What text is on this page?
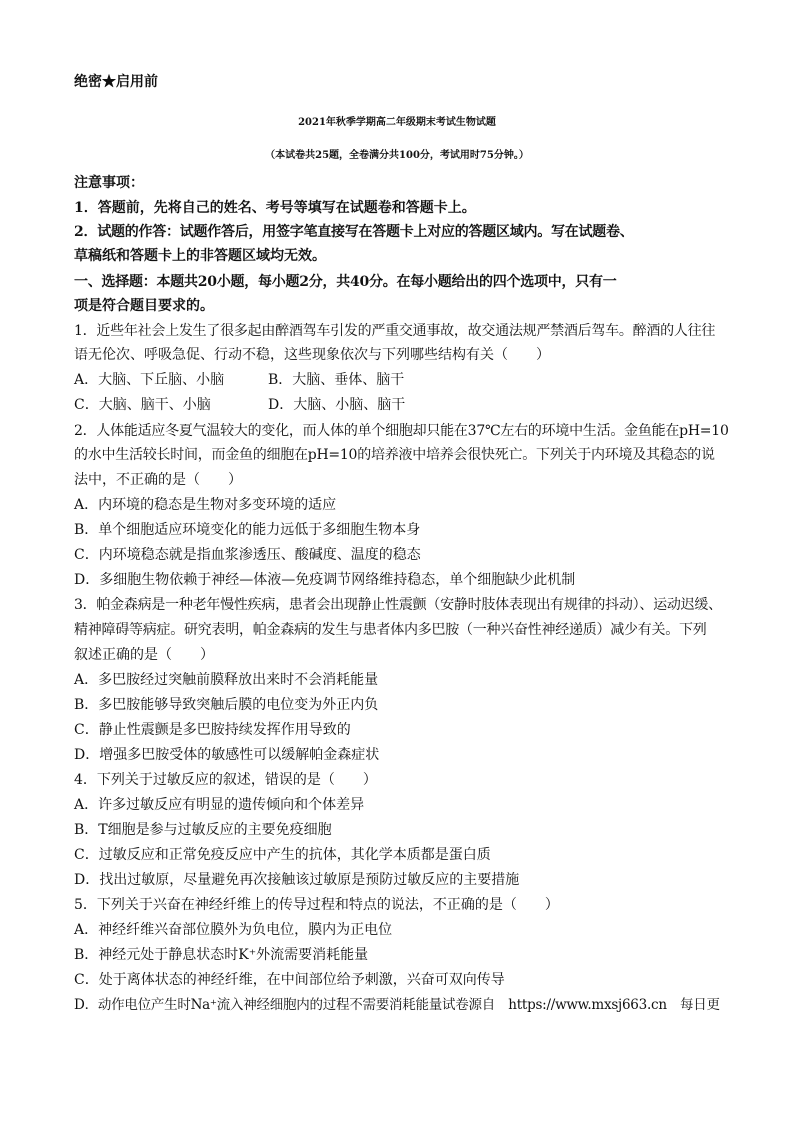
绝密★启用前
2021年秋季学期高二年级期末考试生物试题
（本试卷共25题，全卷满分共100分，考试用时75分钟。）
注意事项：
1．答题前，先将自己的姓名、考号等填写在试题卷和答题卡上。
2．试题的作答：试题作答后，用签字笔直接写在答题卡上对应的答题区域内。写在试题卷、
草稿纸和答题卡上的非答题区域均无效。
一、选择题：本题共20小题，每小题2分，共40分。在每小题给出的四个选项中，只有一
项是符合题目要求的。
1．近些年社会上发生了很多起由醉酒驾车引发的严重交通事故，故交通法规严禁酒后驾车。醉酒的人往往
语无伦次、呼吸急促、行动不稳，这些现象依次与下列哪些结构有关（　　）
A．大脑、下丘脑、小脑	B．大脑、垂体、脑干
C．大脑、脑干、小脑	D．大脑、小脑、脑干
2．人体能适应冬夏气温较大的变化，而人体的单个细胞却只能在37℃左右的环境中生活。金鱼能在pH=10
的水中生活较长时间，而金鱼的细胞在pH=10的培养液中培养会很快死亡。下列关于内环境及其稳态的说
法中，不正确的是（　　）
A．内环境的稳态是生物对多变环境的适应
B．单个细胞适应环境变化的能力远低于多细胞生物本身
C．内环境稳态就是指血浆渗透压、酸碱度、温度的稳态
D．多细胞生物依赖于神经—体液—免疫调节网络维持稳态，单个细胞缺少此机制
3．帕金森病是一种老年慢性疾病，患者会出现静止性震颤（安静时肢体表现出有规律的抖动）、运动迟缓、
精神障碍等病症。研究表明，帕金森病的发生与患者体内多巴胺（一种兴奋性神经递质）减少有关。下列
叙述正确的是（　　）
A．多巴胺经过突触前膜释放出来时不会消耗能量
B．多巴胺能够导致突触后膜的电位变为外正内负
C．静止性震颤是多巴胺持续发挥作用导致的
D．增强多巴胺受体的敏感性可以缓解帕金森症状
4．下列关于过敏反应的叙述，错误的是（　　）
A．许多过敏反应有明显的遗传倾向和个体差异
B．T细胞是参与过敏反应的主要免疫细胞
C．过敏反应和正常免疫反应中产生的抗体，其化学本质都是蛋白质
D．找出过敏原，尽量避免再次接触该过敏原是预防过敏反应的主要措施
5．下列关于兴奋在神经纤维上的传导过程和特点的说法，不正确的是（　　）
A．神经纤维兴奋部位膜外为负电位，膜内为正电位
B．神经元处于静息状态时K⁺外流需要消耗能量
C．处于离体状态的神经纤维，在中间部位给予刺激，兴奋可双向传导
D．动作电位产生时Na⁺流入神经细胞内的过程不需要消耗能量试卷源自　https://www.mxsj663.cn　每日更
